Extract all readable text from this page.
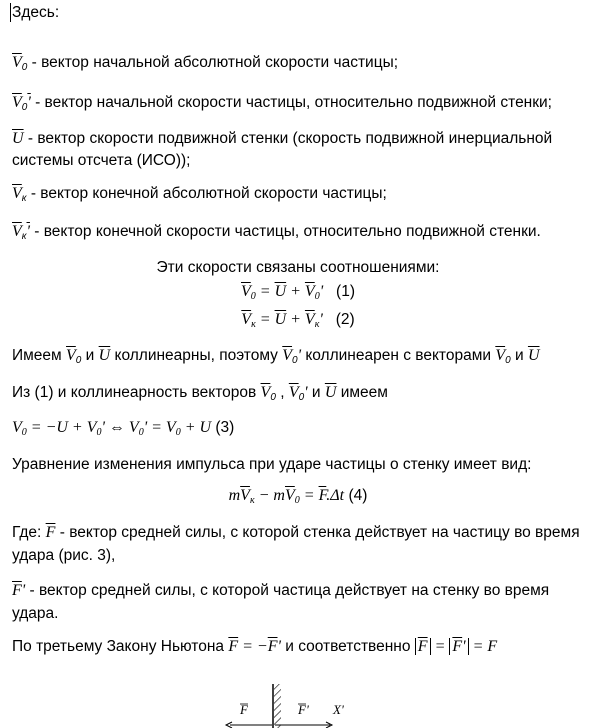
Здесь:
$\overline{V}_0$ - вектор начальной абсолютной скорости частицы;
$\overline{V}_0'$ - вектор начальной скорости частицы, относительно подвижной стенки;
$\overline{U}$ - вектор скорости подвижной стенки (скорость подвижной инерциальной
системы отсчета (ИСО));
$\overline{V}_к$ - вектор конечной абсолютной скорости частицы;
$\overline{V}_к'$ - вектор конечной скорости частицы, относительно подвижной стенки.
Эти скорости связаны соотношениями:
$\overline{V}_0 = \overline{U} + \overline{V}_0'$ (1)
$\overline{V}_к = \overline{U} + \overline{V}_к'$ (2)
Имеем $\overline{V}_0$ и $\overline{U}$ коллинеарны, поэтому $\overline{V}_0'$ коллинеарен с векторами $\overline{V}_0$ и $\overline{U}$
Из (1) и коллинеарность векторов $\overline{V}_0$ , $\overline{V}_0'$ и $\overline{U}$ имеем
$V_0 = -U + V_0'$ ⇔ $V_0' = V_0 + U$ (3)
Уравнение изменения импульса при ударе частицы о стенку имеет вид:
$m\overline{V}_к - m\overline{V}_0 = \overline{F}.\Delta t$ (4)
Где: $\overline{F}$ - вектор средней силы, с которой стенка действует на частицу во время
удара (рис. 3),
$\overline{F}'$ - вектор средней силы, с которой частица действует на стенку во время
удара.
По третьему Закону Ньютона $\overline{F} = -\overline{F}'$ и соответственно $\overline{F} = \overline{F}' = F$
F	F' X'
